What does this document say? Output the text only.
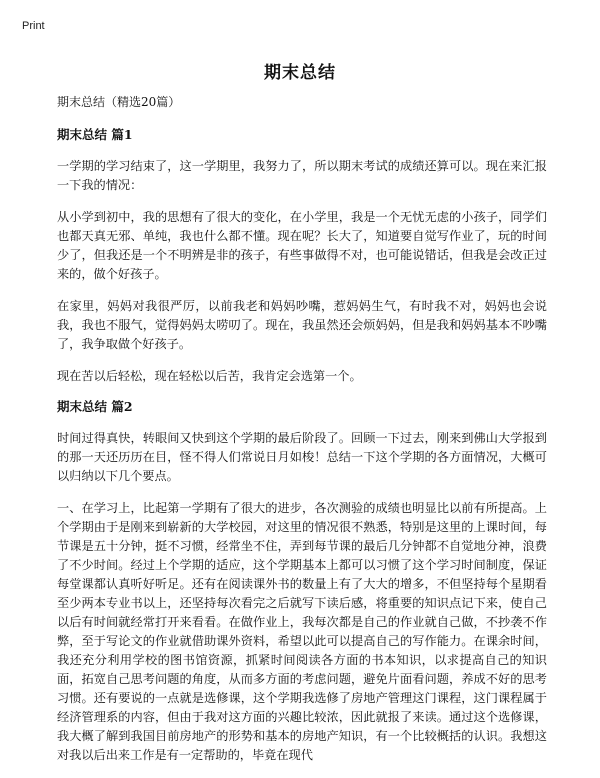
Print
期末总结
期末总结（精选20篇）
期末总结 篇1

一学期的学习结束了，这一学期里，我努力了，所以期末考试的成绩还算可以。现在来汇报一下我的情况：

从小学到初中，我的思想有了很大的变化，在小学里，我是一个无忧无虑的小孩子，同学们也都天真无邪、单纯，我也什么都不懂。现在呢？长大了，知道要自觉写作业了，玩的时间少了，但我还是一个不明辨是非的孩子，有些事做得不对，也可能说错话，但我是会改正过来的，做个好孩子。

在家里，妈妈对我很严厉，以前我老和妈妈吵嘴，惹妈妈生气，有时我不对，妈妈也会说我，我也不服气，觉得妈妈太唠叨了。现在，我虽然还会烦妈妈，但是我和妈妈基本不吵嘴了，我争取做个好孩子。

现在苦以后轻松，现在轻松以后苦，我肯定会选第一个。

期末总结 篇2

时间过得真快，转眼间又快到这个学期的最后阶段了。回顾一下过去，刚来到佛山大学报到的那一天还历历在目，怪不得人们常说日月如梭！总结一下这个学期的各方面情况，大概可以归纳以下几个要点。

一、在学习上，比起第一学期有了很大的进步，各次测验的成绩也明显比以前有所提高。上个学期由于是刚来到崭新的大学校园，对这里的情况很不熟悉，特别是这里的上课时间，每节课是五十分钟，挺不习惯，经常坐不住，弄到每节课的最后几分钟都不自觉地分神，浪费了不少时间。经过上个学期的适应，这个学期基本上都可以习惯了这个学习时间制度，保证每堂课都认真听好听足。还有在阅读课外书的数量上有了大大的增多，不但坚持每个星期看至少两本专业书以上，还坚持每次看完之后就写下读后感，将重要的知识点记下来，使自己以后有时间就经常打开来看看。在做作业上，我每次都是自己的作业就自己做，不抄袭不作弊，至于写论文的作业就借助课外资料，希望以此可以提高自己的写作能力。在课余时间，我还充分利用学校的图书馆资源，抓紧时间阅读各方面的书本知识，以求提高自己的知识面，拓宽自己思考问题的角度，从而多方面的考虑问题，避免片面看问题，养成不好的思考习惯。还有要说的一点就是选修课，这个学期我选修了房地产管理这门课程，这门课程属于经济管理系的内容，但由于我对这方面的兴趣比较浓，因此就报了来读。通过这个选修课，我大概了解到我国目前房地产的形势和基本的房地产知识，有一个比较概括的认识。我想这对我以后出来工作是有一定帮助的，毕竟在现代
